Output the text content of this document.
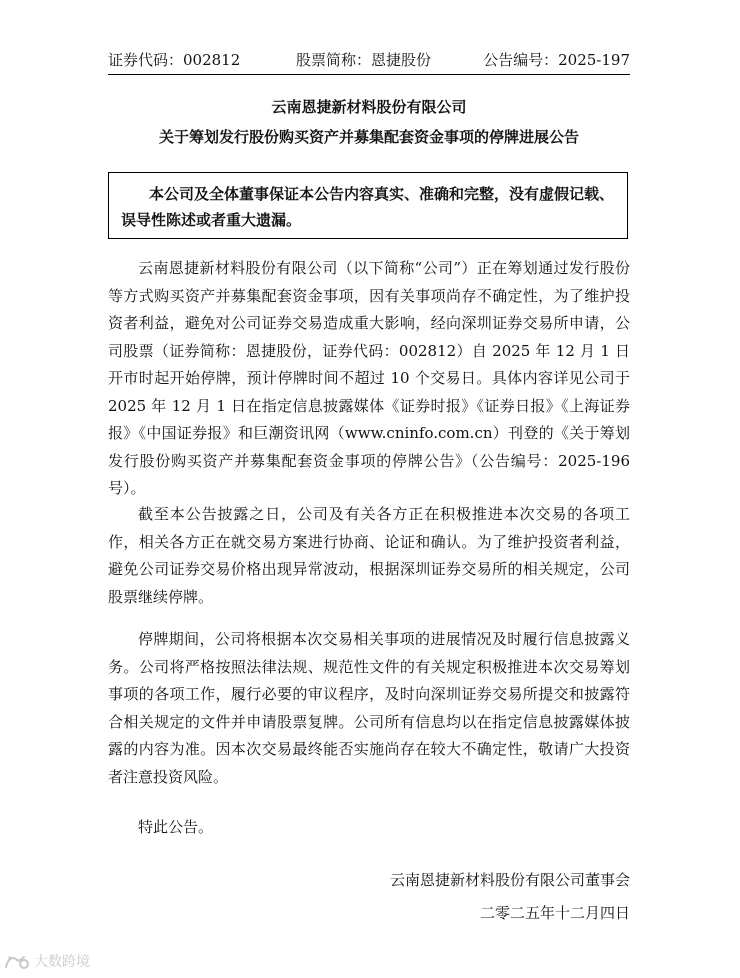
证券代码：002812	股票简称：恩捷股份	公告编号：2025-197
云南恩捷新材料股份有限公司
关于筹划发行股份购买资产并募集配套资金事项的停牌进展公告
本公司及全体董事保证本公告内容真实、准确和完整，没有虚假记载、误导性陈述或者重大遗漏。

云南恩捷新材料股份有限公司（以下简称“公司”）正在筹划通过发行股份等方式购买资产并募集配套资金事项，因有关事项尚存不确定性，为了维护投资者利益，避免对公司证券交易造成重大影响，经向深圳证券交易所申请，公司股票（证券简称：恩捷股份，证券代码：002812）自 2025 年 12 月 1 日开市时起开始停牌，预计停牌时间不超过 10 个交易日。具体内容详见公司于 2025 年 12 月 1 日在指定信息披露媒体《证券时报》《证券日报》《上海证券报》《中国证券报》和巨潮资讯网（www.cninfo.com.cn）刊登的《关于筹划发行股份购买资产并募集配套资金事项的停牌公告》（公告编号：2025-196 号）。

截至本公告披露之日，公司及有关各方正在积极推进本次交易的各项工作，相关各方正在就交易方案进行协商、论证和确认。为了维护投资者利益，避免公司证券交易价格出现异常波动，根据深圳证券交易所的相关规定，公司股票继续停牌。

停牌期间，公司将根据本次交易相关事项的进展情况及时履行信息披露义务。公司将严格按照法律法规、规范性文件的有关规定积极推进本次交易筹划事项的各项工作，履行必要的审议程序，及时向深圳证券交易所提交和披露符合相关规定的文件并申请股票复牌。公司所有信息均以在指定信息披露媒体披露的内容为准。因本次交易最终能否实施尚存在较大不确定性，敬请广大投资者注意投资风险。

特此公告。

云南恩捷新材料股份有限公司董事会
二零二五年十二月四日
大数跨境
